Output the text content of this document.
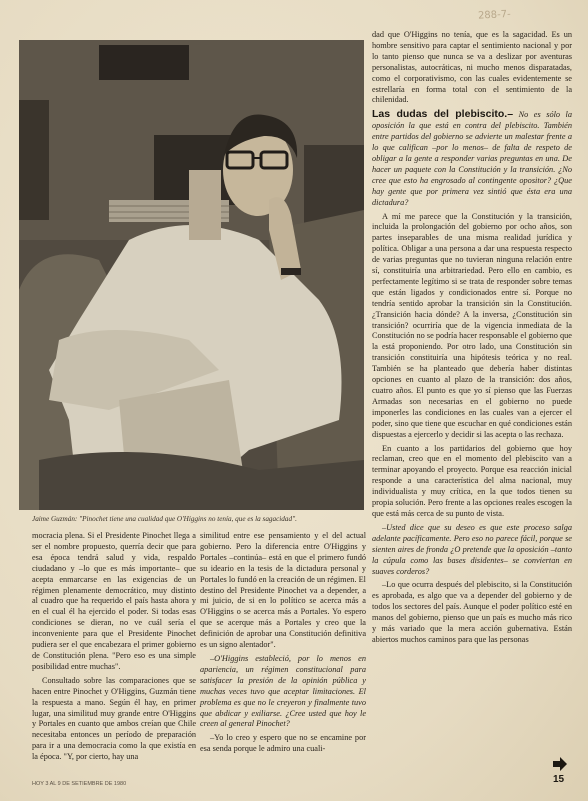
288-7-
Jaime Guzmán: "Pinochet tiene una cualidad que O'Higgins no tenía, que es la sagacidad".

mocracia plena. Si el Presidente Pinochet llega a ser el nombre propuesto, querría decir que para esa época tendrá salud y vida, respaldo ciudadano y –lo que es más importante– que acepta enmarcarse en las exigencias de un régimen plenamente democrático, muy distinto al cuadro que ha requerido el país hasta ahora y en el cual él ha ejercido el poder. Si todas esas condiciones se dieran, no ve cuál sería el inconveniente para que el Presidente Pinochet pudiera ser el que encabezara el primer gobierno de Constitución plena. "Pero eso es una simple posibilidad entre muchas".

Consultado sobre las comparaciones que se hacen entre Pinochet y O'Higgins, Guzmán tiene la respuesta a mano. Según él hay, en primer lugar, una similitud muy grande entre O'Higgins y Portales en cuanto que ambos creían que Chile necesitaba entonces un período de preparación para ir a una democracia como la que existía en la época. "Y, por cierto, hay una

similitud entre ese pensamiento y el del actual gobierno. Pero la diferencia entre O'Higgins y Portales –continúa– está en que el primero fundó su ideario en la tesis de la dictadura personal y Portales lo fundó en la creación de un régimen. El destino del Presidente Pinochet va a depender, a mi juicio, de si en lo político se acerca más a O'Higgins o se acerca más a Portales. Yo espero que se acerque más a Portales y creo que la definición de aprobar una Constitución definitiva es un signo alentador".

–O'Higgins estableció, por lo menos en apariencia, un régimen constitucional para satisfacer la presión de la opinión pública y muchas veces tuvo que aceptar limitaciones. El problema es que no le creyeron y finalmente tuvo que abdicar y exiliarse. ¿Cree usted que hoy le creen al general Pinochet?

–Yo lo creo y espero que no se encamine por esa senda porque le admiro una cuali-

dad que O'Higgins no tenía, que es la sagacidad. Es un hombre sensitivo para captar el sentimiento nacional y por lo tanto pienso que nunca se va a deslizar por aventuras personalistas, autocráticas, ni mucho menos disparatadas, como el corporativismo, con las cuales evidentemente se estrellaría en forma total con el sentimiento de la chilenidad.

Las dudas del plebiscito.– No es sólo la oposición la que está en contra del plebiscito. También entre partidos del gobierno se advierte un malestar frente a lo que califican –por lo menos– de falta de respeto de obligar a la gente a responder varias preguntas en una. De hacer un paquete con la Constitución y la transición. ¿No cree que esto ha engrosado al contingente opositor? ¿Que hay gente que por primera vez sintió que ésta era una dictadura?

A mí me parece que la Constitución y la transición, incluida la prolongación del gobierno por ocho años, son partes inseparables de una misma realidad jurídica y política. Obligar a una persona a dar una respuesta respecto de varias preguntas que no tuvieran ninguna relación entre sí, constituiría una arbitrariedad. Pero ello en cambio, es perfectamente legítimo si se trata de responder sobre temas que están ligados y condicionados entre sí. Porque no tendría sentido aprobar la transición sin la Constitución. ¿Transición hacia dónde? A la inversa, ¿Constitución sin transición? ocurriría que de la vigencia inmediata de la Constitución no se podría hacer responsable el gobierno que la está proponiendo. Por otro lado, una Constitución sin transición constituiría una hipótesis teórica y no real. También se ha planteado que debería haber distintas opciones en cuanto al plazo de la transición: dos años, cuatro años. El punto es que yo sí pienso que las Fuerzas Armadas son necesarias en el gobierno no puede imponerles las condiciones en las cuales van a ejercer el poder, sino que tiene que escuchar en qué condiciones están dispuestas a ejercerlo y decidir si las acepta o las rechaza.

En cuanto a los partidarios del gobierno que hoy reclaman, creo que en el momento del plebiscito van a terminar apoyando el proyecto. Porque esa reacción inicial responde a una característica del alma nacional, muy individualista y muy crítica, en la que todos tienen su propia solución. Pero frente a las opciones reales escogen la que está más cerca de su punto de vista.

–Usted dice que su deseo es que este proceso salga adelante pacíficamente. Pero eso no parece fácil, porque se sienten aires de fronda ¿O pretende que la oposición –tanto la cúpula como las bases disidentes– se conviertan en suaves corderos?

–Lo que ocurra después del plebiscito, si la Constitución es aprobada, es algo que va a depender del gobierno y de todos los sectores del país. Aunque el poder político esté en manos del gobierno, pienso que un país es mucho más rico y más variado que la mera acción gubernativa. Están abiertos muchos caminos para que las personas

HOY 3 AL 9 DE SETIEMBRE DE 1980	15
